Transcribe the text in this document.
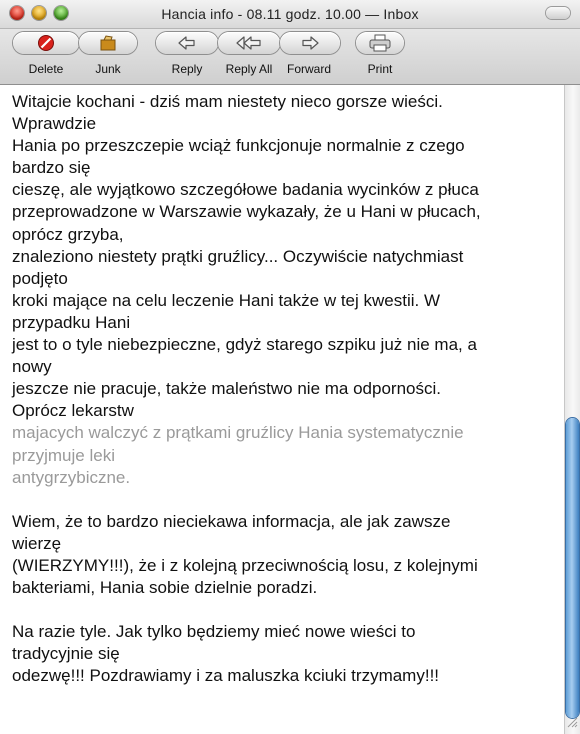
Hancia info - 08.11 godz. 10.00 — Inbox
Delete	Junk	Reply	Reply All	Forward	Print
Witajcie kochani - dziś mam niestety nieco gorsze wieści.
Wprawdzie
Hania po przeszczepie wciąż funkcjonuje normalnie z czego
bardzo się
cieszę, ale wyjątkowo szczegółowe badania wycinków z płuca
przeprowadzone w Warszawie wykazały, że u Hani w płucach,
oprócz grzyba,
znaleziono niestety prątki gruźlicy... Oczywiście natychmiast
podjęto
kroki mające na celu leczenie Hani także w tej kwestii. W
przypadku Hani
jest to o tyle niebezpieczne, gdyż starego szpiku już nie ma, a
nowy
jeszcze nie pracuje, także maleństwo nie ma odporności.
Oprócz lekarstw
majacych walczyć z prątkami gruźlicy Hania systematycznie
przyjmuje leki
antygrzybiczne.
Wiem, że to bardzo nieciekawa informacja, ale jak zawsze
wierzę
(WIERZYMY!!!), że i z kolejną przeciwnością losu, z kolejnymi
bakteriami, Hania sobie dzielnie poradzi.
Na razie tyle. Jak tylko będziemy mieć nowe wieści to
tradycyjnie się
odezwę!!! Pozdrawiamy i za maluszka kciuki trzymamy!!!
